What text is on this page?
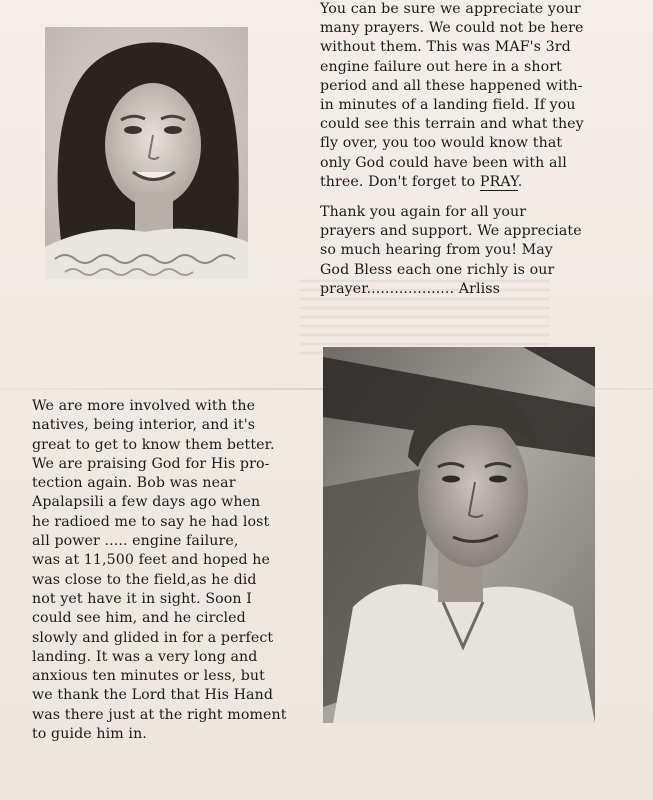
You can be sure we appreciate your

many prayers. We could not be here

without them. This was MAF's 3rd

engine failure out here in a short

period and all these happened with-

in minutes of a landing field. If you

could see this terrain and what they

fly over, you too would know that

only God could have been with all

three. Don't forget to PRAY.

Thank you again for all your

prayers and support. We appreciate

so much hearing from you! May

God Bless each one richly is our

prayer................... Arliss

We are more involved with the

natives, being interior, and it's

great to get to know them better.

We are praising God for His pro-

tection again. Bob was near

Apalapsili a few days ago when

he radioed me to say he had lost

all power ..... engine failure,

was at 11,500 feet and hoped he

was close to the field,as he did

not yet have it in sight. Soon I

could see him, and he circled

slowly and glided in for a perfect

landing. It was a very long and

anxious ten minutes or less, but

we thank the Lord that His Hand

was there just at the right moment

to guide him in.
